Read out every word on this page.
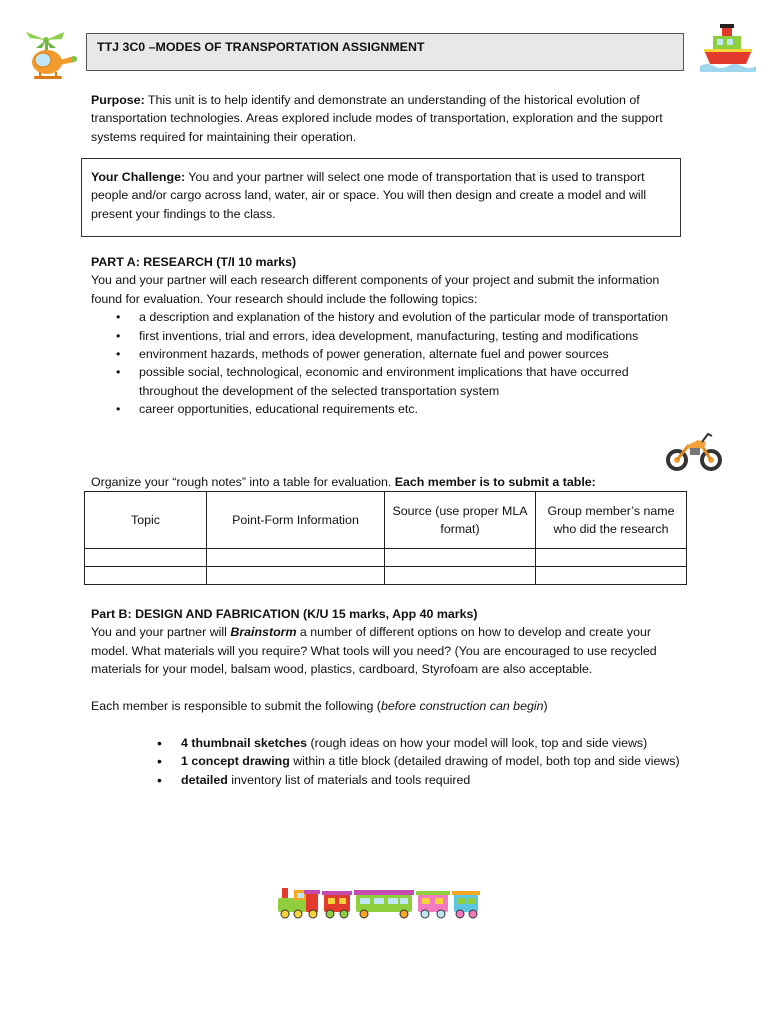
TTJ 3C0 –MODES OF TRANSPORTATION ASSIGNMENT

Purpose: This unit is to help identify and demonstrate an understanding of the historical evolution of transportation technologies. Areas explored include modes of transportation, exploration and the support systems required for maintaining their operation.

Your Challenge: You and your partner will select one mode of transportation that is used to transport people and/or cargo across land, water, air or space. You will then design and create a model and will present your findings to the class.

PART A: RESEARCH (T/I 10 marks)

You and your partner will each research different components of your project and submit the information found for evaluation. Your research should include the following topics:

• a description and explanation of the history and evolution of the particular mode of transportation
• first inventions, trial and errors, idea development, manufacturing, testing and modifications
• environment hazards, methods of power generation, alternate fuel and power sources
• possible social, technological, economic and environment implications that have occurred throughout the development of the selected transportation system
• career opportunities, educational requirements etc.

Organize your “rough notes” into a table for evaluation. Each member is to submit a table:

Topic	Point-Form Information	Source (use proper MLA format)	Group member’s name who did the research

Part B: DESIGN AND FABRICATION (K/U 15 marks, App 40 marks)

You and your partner will Brainstorm a number of different options on how to develop and create your model. What materials will you require? What tools will you need? (You are encouraged to use recycled materials for your model, balsam wood, plastics, cardboard, Styrofoam are also acceptable.

Each member is responsible to submit the following (before construction can begin)

• 4 thumbnail sketches (rough ideas on how your model will look, top and side views)
• 1 concept drawing within a title block (detailed drawing of model, both top and side views)
• detailed inventory list of materials and tools required
